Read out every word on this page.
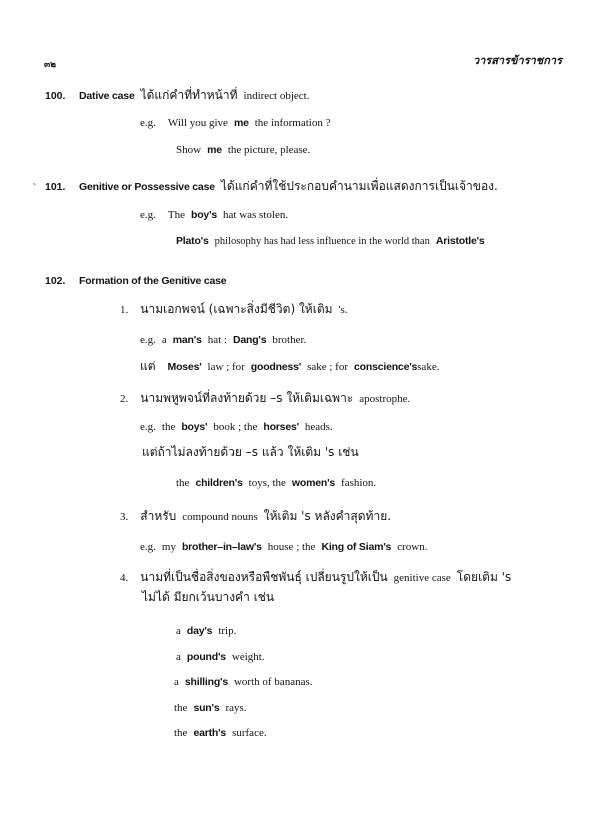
๓๒	วารสารข้าราชการ
100. Dative case ได้แก่คำที่ทำหน้าที่ indirect object.
e.g. Will you give me the information ?
Show me the picture, please.
` 101. Genitive or Possessive case ได้แก่คำที่ใช้ประกอบคำนามเพื่อแสดงการเป็นเจ้าของ.
e.g. The boy's hat was stolen.
Plato's philosophy has had less influence in the world than Aristotle's
102. Formation of the Genitive case
1. นามเอกพจน์ (เฉพาะสิ่งมีชีวิต) ให้เติม 's.
e.g. a man's hat : Dang's brother.
แต่ Moses' law ; for goodness' sake ; for conscience'ssake.
2. นามพหูพจน์ที่ลงท้ายด้วย –s ให้เติมเฉพาะ apostrophe.
e.g. the boys' book ; the horses' heads.
แต่ถ้าไม่ลงท้ายด้วย –s แล้ว ให้เติม 's เช่น
the children's toys, the women's fashion.
3. สำหรับ compound nouns ให้เติม 's หลังคำสุดท้าย.
e.g. my brother–in–law's house ; the King of Siam's crown.
4. นามที่เป็นชื่อสิ่งของหรือพืชพันธุ์ เปลี่ยนรูปให้เป็น genitive case โดยเติม 's
ไม่ได้ มียกเว้นบางคำ เช่น
a day's trip.
a pound's weight.
a shilling's worth of bananas.
the sun's rays.
the earth's surface.
